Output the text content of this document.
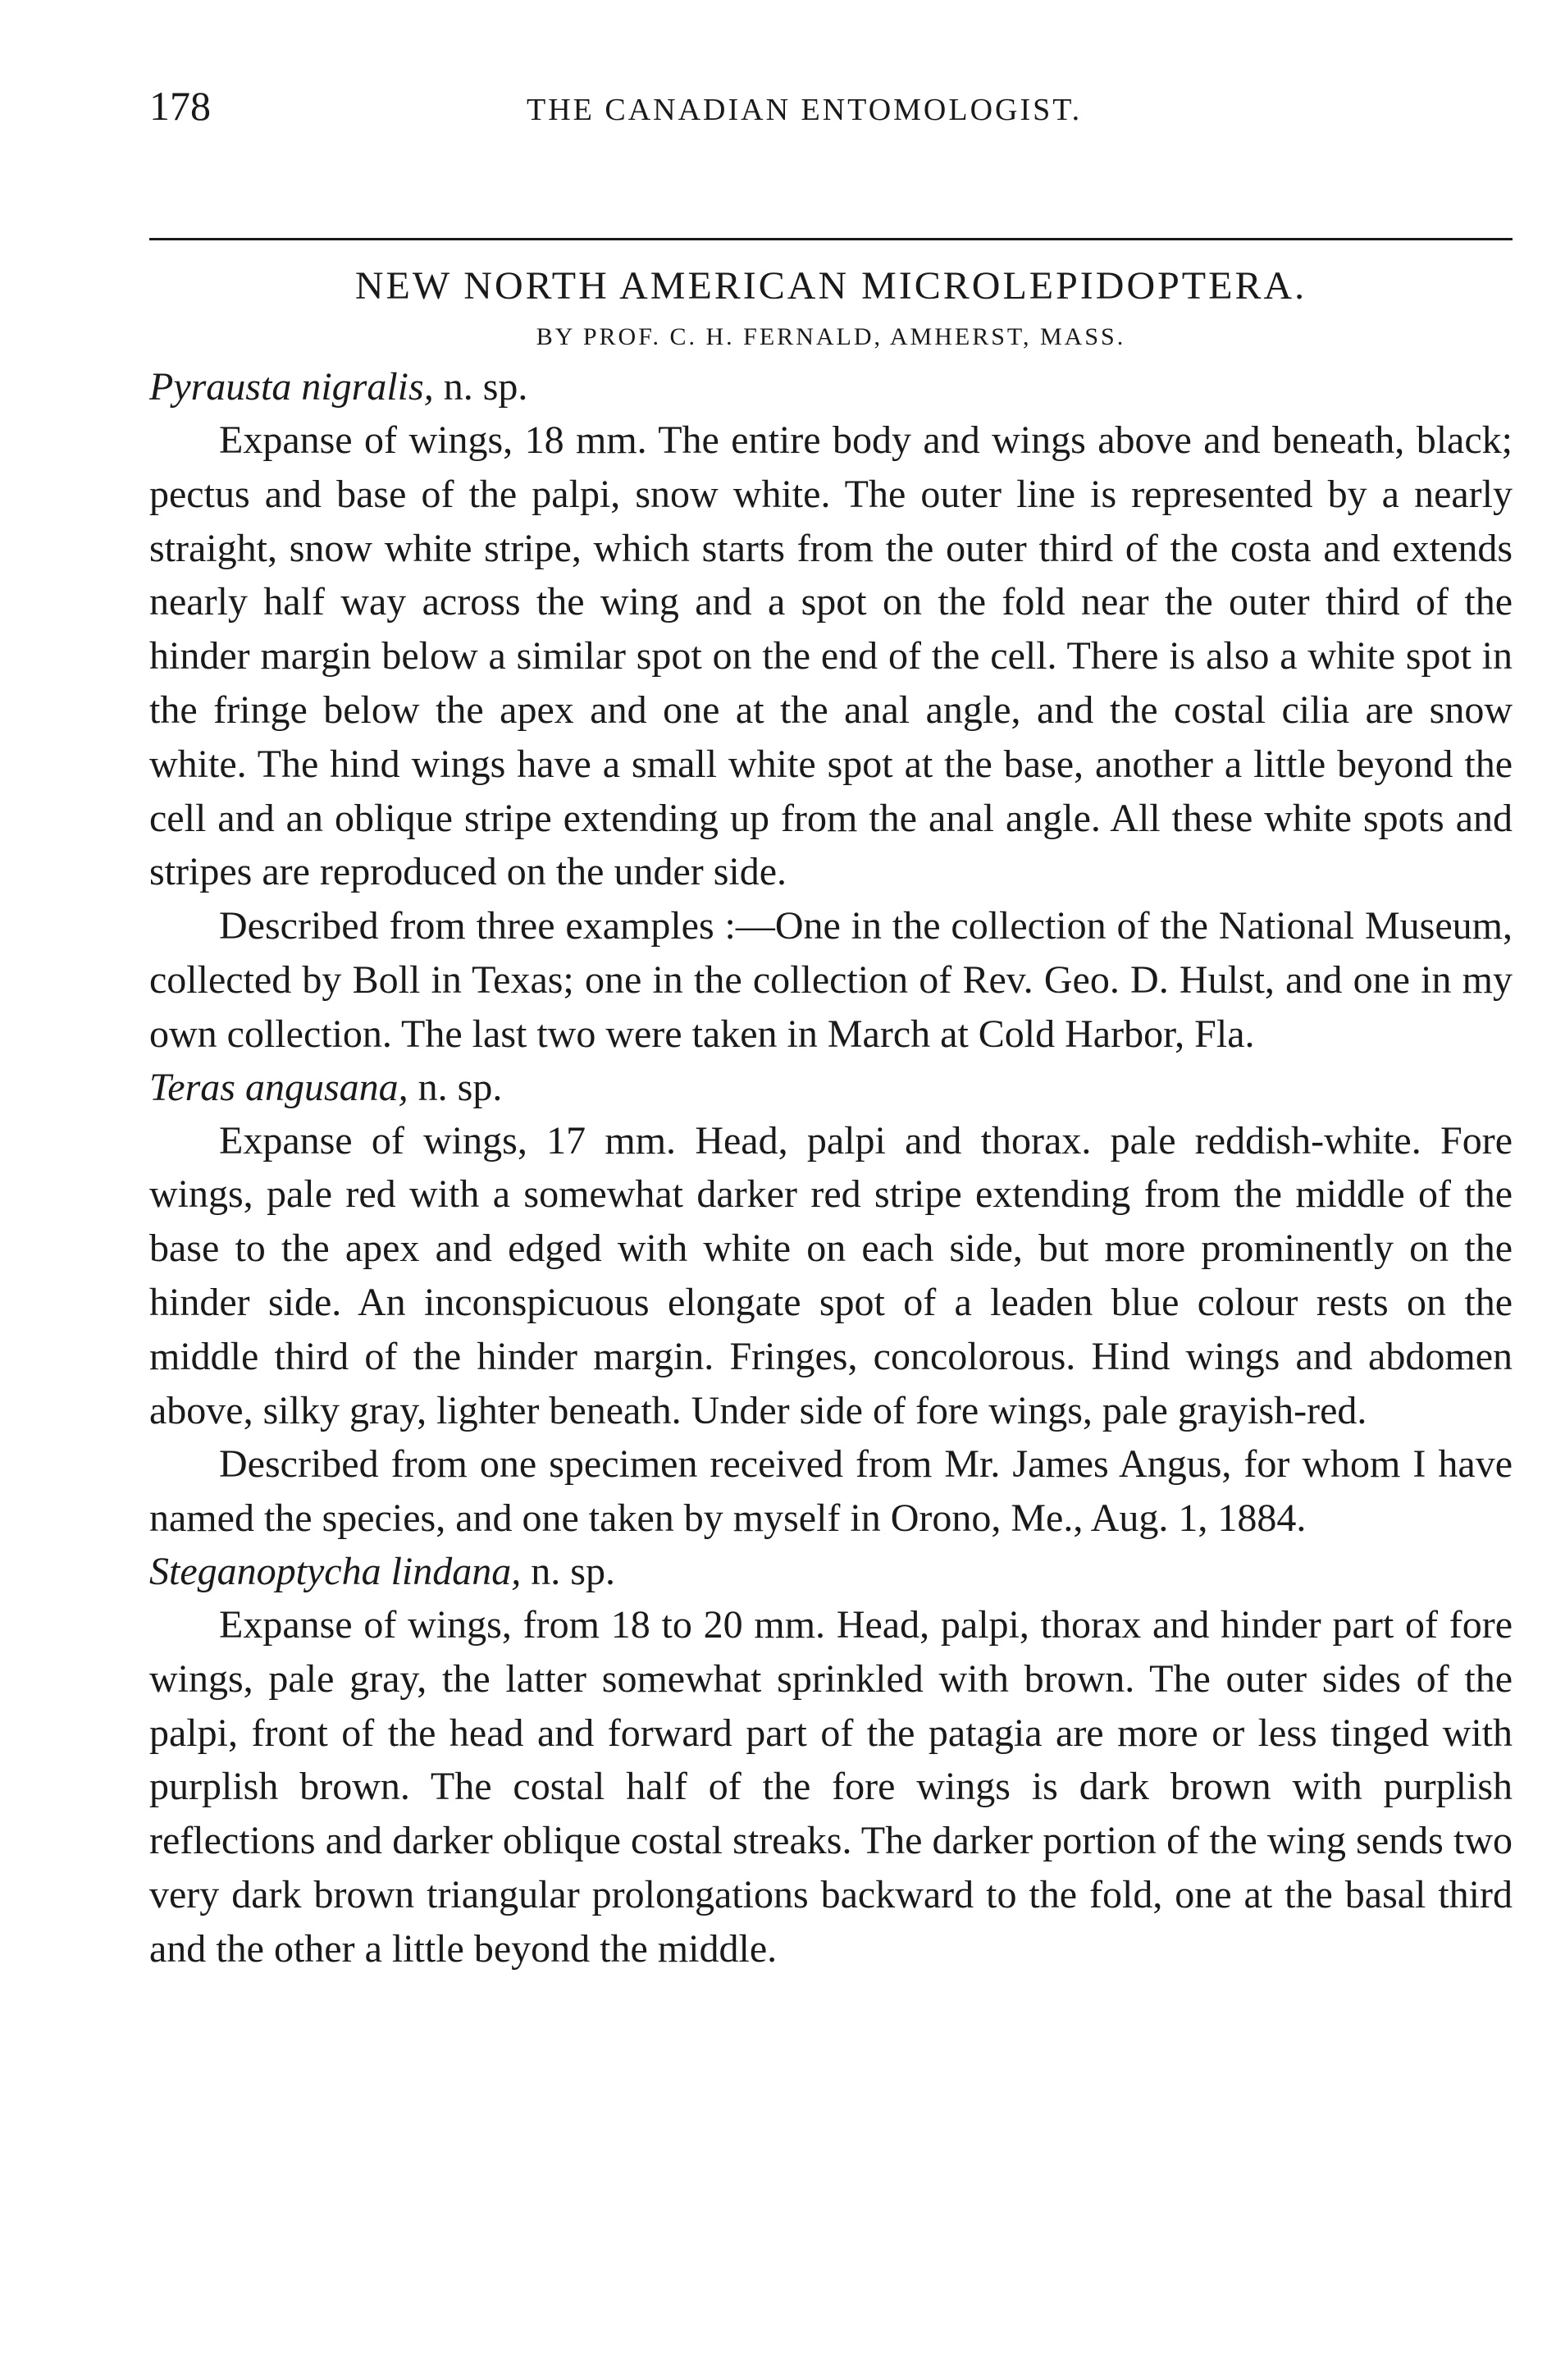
178	THE CANADIAN ENTOMOLOGIST.
NEW NORTH AMERICAN MICROLEPIDOPTERA.
BY PROF. C. H. FERNALD, AMHERST, MASS.

Pyrausta nigralis, n. sp.

Expanse of wings, 18 mm. The entire body and wings above and beneath, black; pectus and base of the palpi, snow white. The outer line is represented by a nearly straight, snow white stripe, which starts from the outer third of the costa and extends nearly half way across the wing and a spot on the fold near the outer third of the hinder margin below a similar spot on the end of the cell. There is also a white spot in the fringe below the apex and one at the anal angle, and the costal cilia are snow white. The hind wings have a small white spot at the base, another a little beyond the cell and an oblique stripe extending up from the anal angle. All these white spots and stripes are reproduced on the under side.

Described from three examples :—One in the collection of the National Museum, collected by Boll in Texas; one in the collection of Rev. Geo. D. Hulst, and one in my own collection. The last two were taken in March at Cold Harbor, Fla.

Teras angusana, n. sp.

Expanse of wings, 17 mm. Head, palpi and thorax. pale reddish-white. Fore wings, pale red with a somewhat darker red stripe extending from the middle of the base to the apex and edged with white on each side, but more prominently on the hinder side. An inconspicuous elongate spot of a leaden blue colour rests on the middle third of the hinder margin. Fringes, concolorous. Hind wings and abdomen above, silky gray, lighter beneath. Under side of fore wings, pale grayish-red.

Described from one specimen received from Mr. James Angus, for whom I have named the species, and one taken by myself in Orono, Me., Aug. 1, 1884.

Steganoptycha lindana, n. sp.

Expanse of wings, from 18 to 20 mm. Head, palpi, thorax and hinder part of fore wings, pale gray, the latter somewhat sprinkled with brown. The outer sides of the palpi, front of the head and forward part of the patagia are more or less tinged with purplish brown. The costal half of the fore wings is dark brown with purplish reflections and darker oblique costal streaks. The darker portion of the wing sends two very dark brown triangular prolongations backward to the fold, one at the basal third and the other a little beyond the middle.
